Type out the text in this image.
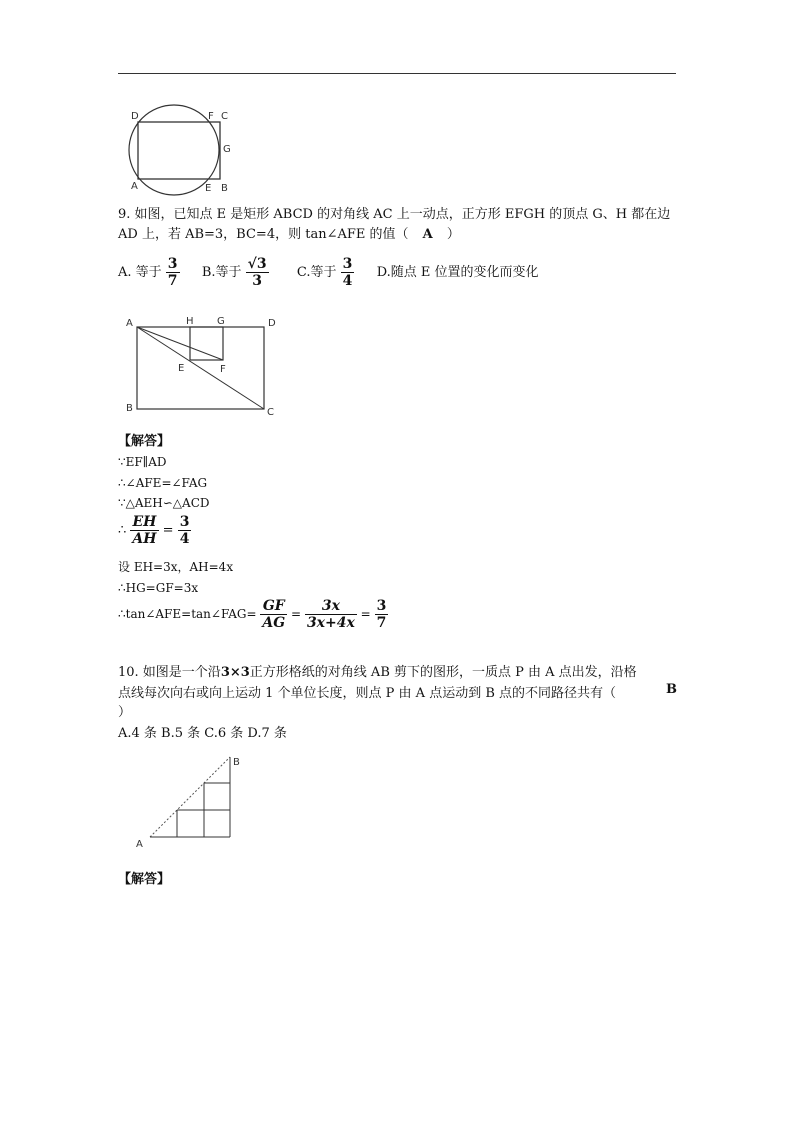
D	F C
G
A	E B
9. 如图，已知点 E 是矩形 ABCD 的对角线 AC 上一动点，正方形 EFGH 的顶点 G、H 都在边
AD 上，若 AB=3，BC=4，则 tan∠AFE 的值（ A ）
A. 等于 $\frac{3}{7} B$.等于 $\frac{√3}{3} C$.等于 $\frac{3}{4} D$.随点 E 位置的变化而变化
A	H G	D
E	F
B	C
【解答】
∵EF∥AD
∴∠AFE=∠FAG
∵△AEH∽△ACD
∴ $\frac{EH}{AH} = \frac{3}{4}$
设 EH=3x，AH=4x
∴HG=GF=3x
∴tan∠AFE=tan∠FAG= $\frac{GF}{AG} = \frac{3x}{3x+4x} = \frac{3}{7}$
10. 如图是一个沿3×3正方形格纸的对角线 AB 剪下的图形，一质点 P 由 A 点出发，沿格
点线每次向右或向上运动 1 个单位长度，则点 P 由 A 点运动到 B 点的不同路径共有（	B
）
A.4 条 B.5 条 C.6 条 D.7 条
A
B
【解答】
